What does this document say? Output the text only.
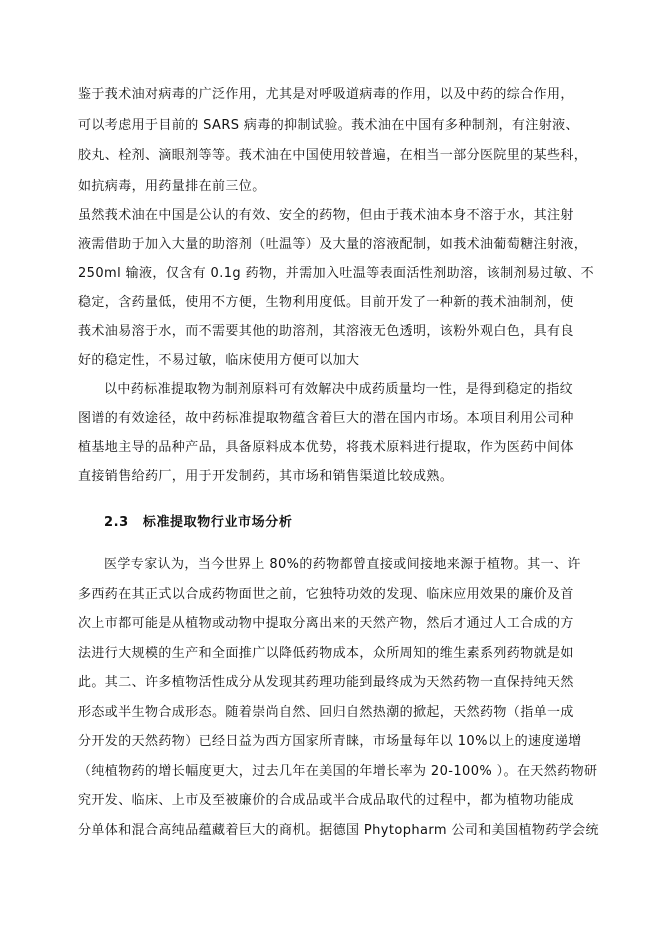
鉴于莪术油对病毒的广泛作用，尤其是对呼吸道病毒的作用，以及中药的综合作用，
可以考虑用于目前的 SARS 病毒的抑制试验。莪术油在中国有多种制剂，有注射液、
胶丸、栓剂、滴眼剂等等。莪术油在中国使用较普遍，在相当一部分医院里的某些科，
如抗病毒，用药量排在前三位。
虽然莪术油在中国是公认的有效、安全的药物，但由于莪术油本身不溶于水，其注射
液需借助于加入大量的助溶剂（吐温等）及大量的溶液配制，如莪术油葡萄糖注射液，
250ml 输液，仅含有 0.1g 药物，并需加入吐温等表面活性剂助溶，该制剂易过敏、不
稳定，含药量低，使用不方便，生物利用度低。目前开发了一种新的莪术油制剂，使
莪术油易溶于水，而不需要其他的助溶剂，其溶液无色透明，该粉外观白色，具有良
好的稳定性，不易过敏，临床使用方便可以加大
以中药标准提取物为制剂原料可有效解决中成药质量均一性，是得到稳定的指纹
图谱的有效途径，故中药标准提取物蕴含着巨大的潜在国内市场。本项目利用公司种
植基地主导的品种产品，具备原料成本优势，将莪术原料进行提取，作为医药中间体
直接销售给药厂，用于开发制药，其市场和销售渠道比较成熟。
2.3 标准提取物行业市场分析
医学专家认为，当今世界上 80%的药物都曾直接或间接地来源于植物。其一、许
多西药在其正式以合成药物面世之前，它独特功效的发现、临床应用效果的廉价及首
次上市都可能是从植物或动物中提取分离出来的天然产物，然后才通过人工合成的方
法进行大规模的生产和全面推广以降低药物成本，众所周知的维生素系列药物就是如
此。其二、许多植物活性成分从发现其药理功能到最终成为天然药物一直保持纯天然
形态或半生物合成形态。随着崇尚自然、回归自然热潮的掀起，天然药物（指单一成
分开发的天然药物）已经日益为西方国家所青睐，市场量每年以 10%以上的速度递增
（纯植物药的增长幅度更大，过去几年在美国的年增长率为 20-100% ）。在天然药物研
究开发、临床、上市及至被廉价的合成品或半合成品取代的过程中，都为植物功能成
分单体和混合高纯品蕴藏着巨大的商机。据德国 Phytopharm 公司和美国植物药学会统
